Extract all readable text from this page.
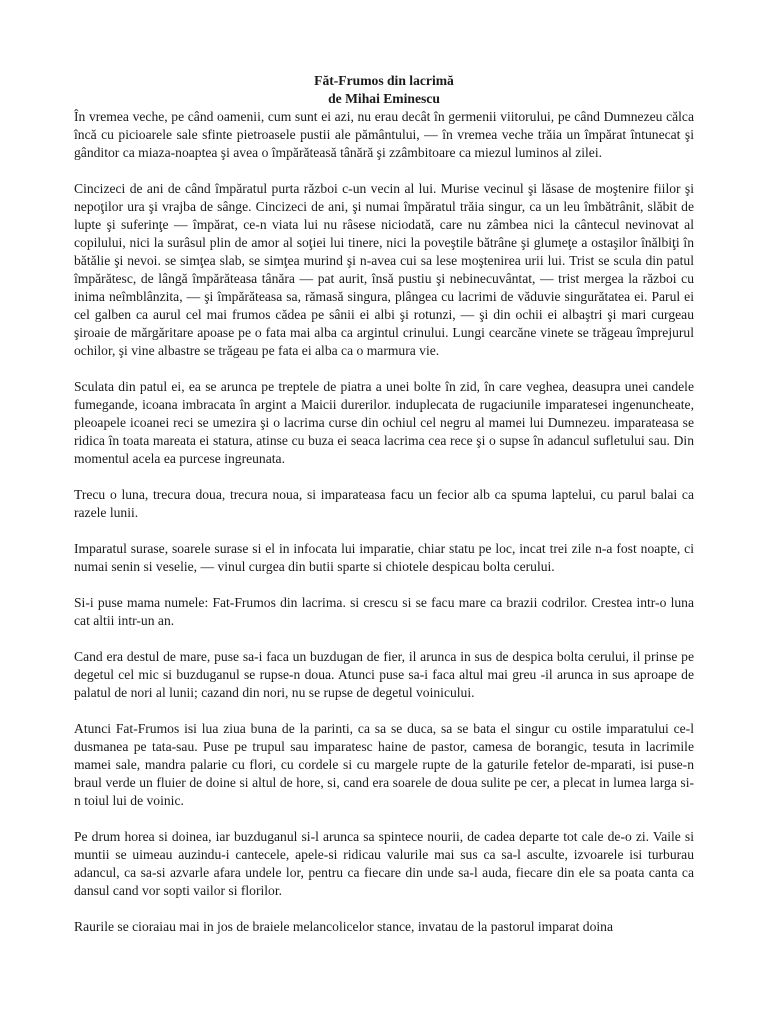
Făt-Frumos din lacrimă

de Mihai Eminescu

În vremea veche, pe când oamenii, cum sunt ei azi, nu erau decât în germenii viitorului, pe când Dumnezeu călca încă cu picioarele sale sfinte pietroasele pustii ale pământului, — în vremea veche trăia un împărat întunecat şi gânditor ca miaza-noaptea şi avea o împărăteasă tânără şi zzâmbitoare ca miezul luminos al zilei.

Cincizeci de ani de când împăratul purta război c-un vecin al lui. Murise vecinul şi lăsase de moştenire fiilor şi nepoţilor ura şi vrajba de sânge. Cincizeci de ani, şi numai împăratul trăia singur, ca un leu îmbătrânit, slăbit de lupte şi suferinţe — împărat, ce-n viata lui nu râsese niciodată, care nu zâmbea nici la cântecul nevinovat al copilului, nici la surâsul plin de amor al soţiei lui tinere, nici la poveştile bătrâne şi glumeţe a ostaşilor înălbiţi în bătălie şi nevoi. se simţea slab, se simţea murind şi n-avea cui sa lese moştenirea urii lui. Trist se scula din patul împărătesc, de lângă împărăteasa tânăra — pat aurit, însă pustiu şi nebinecuvântat, — trist mergea la război cu inima neîmblânzita, — şi împărăteasa sa, rămasă singura, plângea cu lacrimi de văduvie singurătatea ei. Parul ei cel galben ca aurul cel mai frumos cădea pe sânii ei albi şi rotunzi, — şi din ochii ei albaştri şi mari curgeau şiroaie de mărgăritare apoase pe o fata mai alba ca argintul crinului. Lungi cearcăne vinete se trăgeau împrejurul ochilor, şi vine albastre se trăgeau pe fata ei alba ca o marmura vie.

Sculata din patul ei, ea se arunca pe treptele de piatra a unei bolte în zid, în care veghea, deasupra unei candele fumegande, icoana imbracata în argint a Maicii durerilor. induplecata de rugaciunile imparatesei ingenuncheate, pleoapele icoanei reci se umezira şi o lacrima curse din ochiul cel negru al mamei lui Dumnezeu. imparateasa se ridica în toata mareata ei statura, atinse cu buza ei seaca lacrima cea rece şi o supse în adancul sufletului sau. Din momentul acela ea purcese ingreunata.

Trecu o luna, trecura doua, trecura noua, si imparateasa facu un fecior alb ca spuma laptelui, cu parul balai ca razele lunii.

Imparatul surase, soarele surase si el in infocata lui imparatie, chiar statu pe loc, incat trei zile n-a fost noapte, ci numai senin si veselie, — vinul curgea din butii sparte si chiotele despicau bolta cerului.

Si-i puse mama numele: Fat-Frumos din lacrima. si crescu si se facu mare ca brazii codrilor. Crestea intr-o luna cat altii intr-un an.

Cand era destul de mare, puse sa-i faca un buzdugan de fier, il arunca in sus de despica bolta cerului, il prinse pe degetul cel mic si buzduganul se rupse-n doua. Atunci puse sa-i faca altul mai greu -il arunca in sus aproape de palatul de nori al lunii; cazand din nori, nu se rupse de degetul voinicului.

Atunci Fat-Frumos isi lua ziua buna de la parinti, ca sa se duca, sa se bata el singur cu ostile imparatului ce-l dusmanea pe tata-sau. Puse pe trupul sau imparatesc haine de pastor, camesa de borangic, tesuta in lacrimile mamei sale, mandra palarie cu flori, cu cordele si cu margele rupte de la gaturile fetelor de-mparati, isi puse-n braul verde un fluier de doine si altul de hore, si, cand era soarele de doua sulite pe cer, a plecat in lumea larga si-n toiul lui de voinic.

Pe drum horea si doinea, iar buzduganul si-l arunca sa spintece nourii, de cadea departe tot cale de-o zi. Vaile si muntii se uimeau auzindu-i cantecele, apele-si ridicau valurile mai sus ca sa-l asculte, izvoarele isi turburau adancul, ca sa-si azvarle afara undele lor, pentru ca fiecare din unde sa-l auda, fiecare din ele sa poata canta ca dansul cand vor sopti vailor si florilor.

Raurile se cioraiau mai in jos de braiele melancolicelor stance, invatau de la pastorul imparat doina
